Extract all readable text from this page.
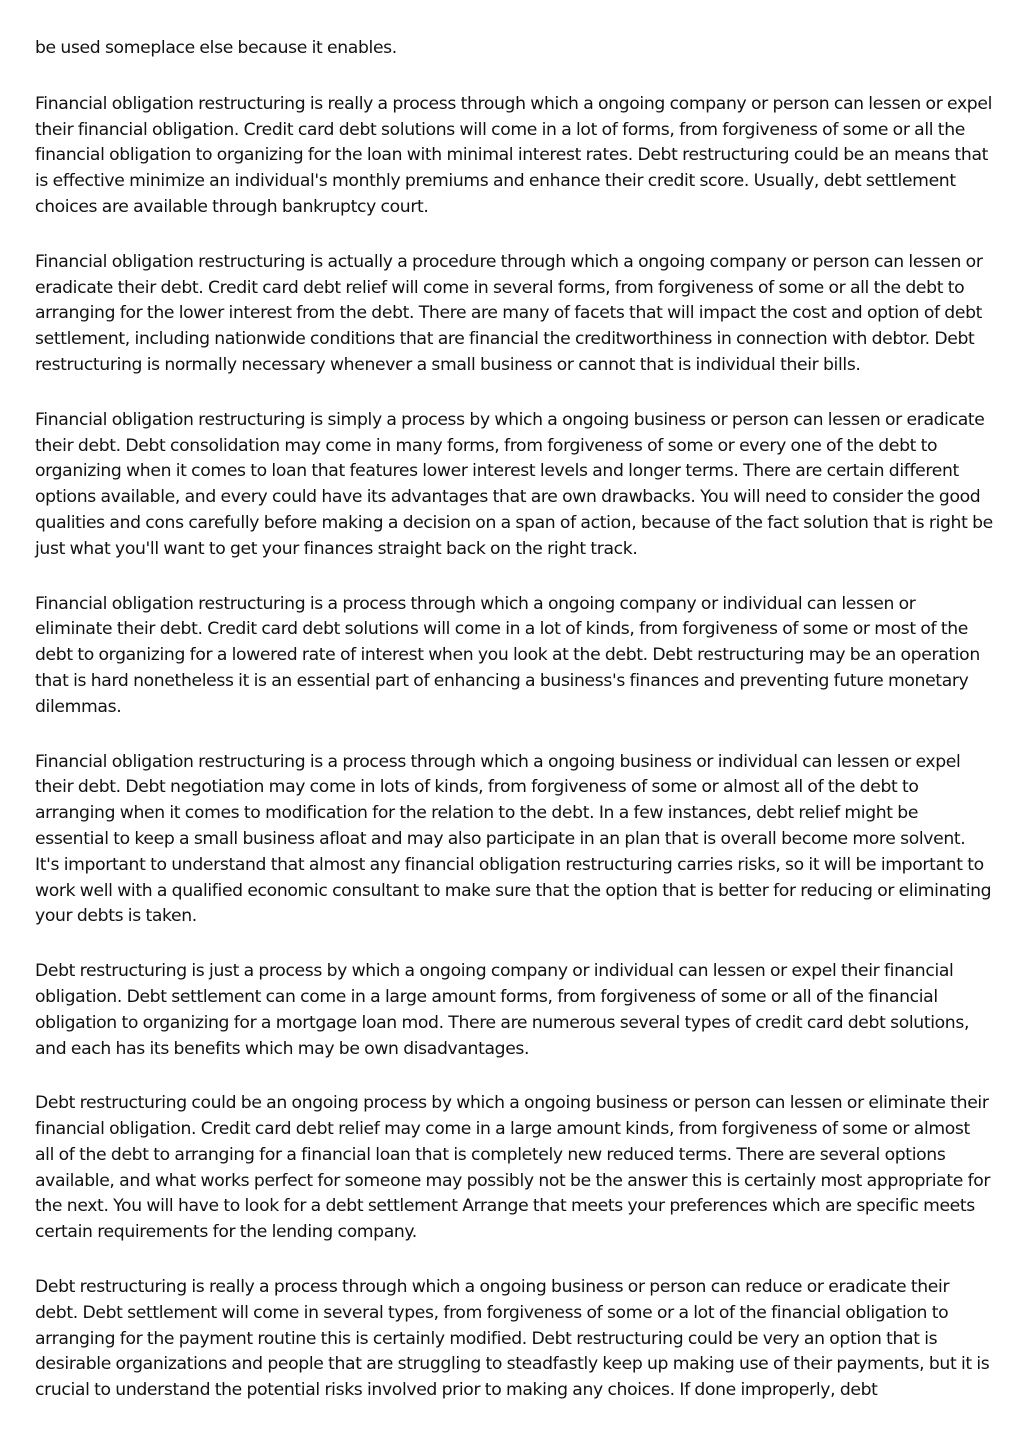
be used someplace else because it enables.

Financial obligation restructuring is really a process through which a ongoing company or person can lessen or expel their financial obligation. Credit card debt solutions will come in a lot of forms, from forgiveness of some or all the financial obligation to organizing for the loan with minimal interest rates. Debt restructuring could be an means that is effective minimize an individual's monthly premiums and enhance their credit score. Usually, debt settlement choices are available through bankruptcy court.

Financial obligation restructuring is actually a procedure through which a ongoing company or person can lessen or eradicate their debt. Credit card debt relief will come in several forms, from forgiveness of some or all the debt to arranging for the lower interest from the debt. There are many of facets that will impact the cost and option of debt settlement, including nationwide conditions that are financial the creditworthiness in connection with debtor. Debt restructuring is normally necessary whenever a small business or cannot that is individual their bills.

Financial obligation restructuring is simply a process by which a ongoing business or person can lessen or eradicate their debt. Debt consolidation may come in many forms, from forgiveness of some or every one of the debt to organizing when it comes to loan that features lower interest levels and longer terms. There are certain different options available, and every could have its advantages that are own drawbacks. You will need to consider the good qualities and cons carefully before making a decision on a span of action, because of the fact solution that is right be just what you'll want to get your finances straight back on the right track.

Financial obligation restructuring is a process through which a ongoing company or individual can lessen or eliminate their debt. Credit card debt solutions will come in a lot of kinds, from forgiveness of some or most of the debt to organizing for a lowered rate of interest when you look at the debt. Debt restructuring may be an operation that is hard nonetheless it is an essential part of enhancing a business's finances and preventing future monetary dilemmas.

Financial obligation restructuring is a process through which a ongoing business or individual can lessen or expel their debt. Debt negotiation may come in lots of kinds, from forgiveness of some or almost all of the debt to arranging when it comes to modification for the relation to the debt. In a few instances, debt relief might be essential to keep a small business afloat and may also participate in an plan that is overall become more solvent. It's important to understand that almost any financial obligation restructuring carries risks, so it will be important to work well with a qualified economic consultant to make sure that the option that is better for reducing or eliminating your debts is taken.

Debt restructuring is just a process by which a ongoing company or individual can lessen or expel their financial obligation. Debt settlement can come in a large amount forms, from forgiveness of some or all of the financial obligation to organizing for a mortgage loan mod. There are numerous several types of credit card debt solutions, and each has its benefits which may be own disadvantages.

Debt restructuring could be an ongoing process by which a ongoing business or person can lessen or eliminate their financial obligation. Credit card debt relief may come in a large amount kinds, from forgiveness of some or almost all of the debt to arranging for a financial loan that is completely new reduced terms. There are several options available, and what works perfect for someone may possibly not be the answer this is certainly most appropriate for the next. You will have to look for a debt settlement Arrange that meets your preferences which are specific meets certain requirements for the lending company.

Debt restructuring is really a process through which a ongoing business or person can reduce or eradicate their debt. Debt settlement will come in several types, from forgiveness of some or a lot of the financial obligation to arranging for the payment routine this is certainly modified. Debt restructuring could be very an option that is desirable organizations and people that are struggling to steadfastly keep up making use of their payments, but it is crucial to understand the potential risks involved prior to making any choices. If done improperly, debt
